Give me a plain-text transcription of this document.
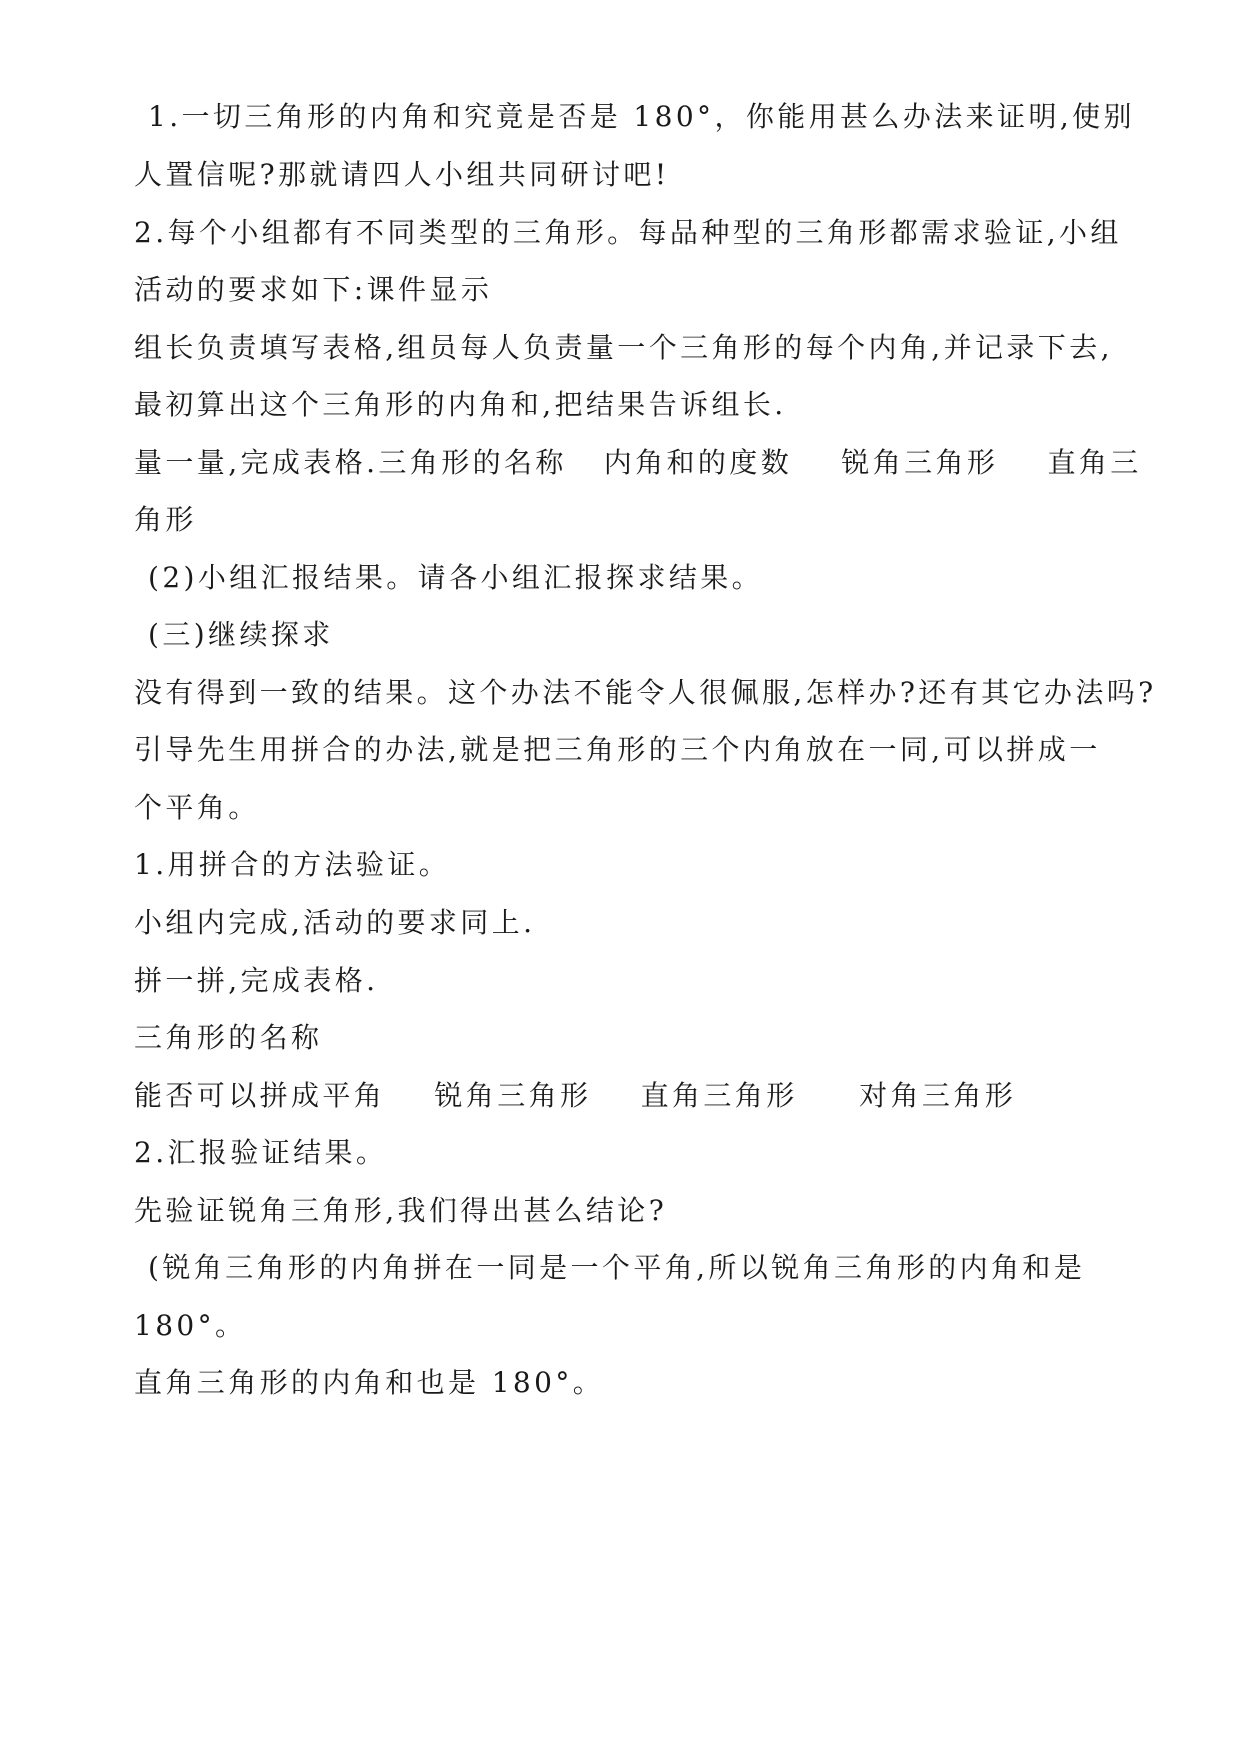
1.一切三角形的内角和究竟是否是 180°，你能用甚么办法来证明,使别
人置信呢?那就请四人小组共同研讨吧!
2.每个小组都有不同类型的三角形。每品种型的三角形都需求验证,小组
活动的要求如下:课件显示
组长负责填写表格,组员每人负责量一个三角形的每个内角,并记录下去,
最初算出这个三角形的内角和,把结果告诉组长.
量一量,完成表格.三角形的名称   内角和的度数    锐角三角形    直角三
角形
(2)小组汇报结果。请各小组汇报探求结果。
(三)继续探求
没有得到一致的结果。这个办法不能令人很佩服,怎样办?还有其它办法吗?
引导先生用拼合的办法,就是把三角形的三个内角放在一同,可以拼成一
个平角。
1.用拼合的方法验证。
小组内完成,活动的要求同上.
拼一拼,完成表格.
三角形的名称
能否可以拼成平角    锐角三角形    直角三角形     对角三角形
2.汇报验证结果。
先验证锐角三角形,我们得出甚么结论?
(锐角三角形的内角拼在一同是一个平角,所以锐角三角形的内角和是
180°。
直角三角形的内角和也是 180°。
